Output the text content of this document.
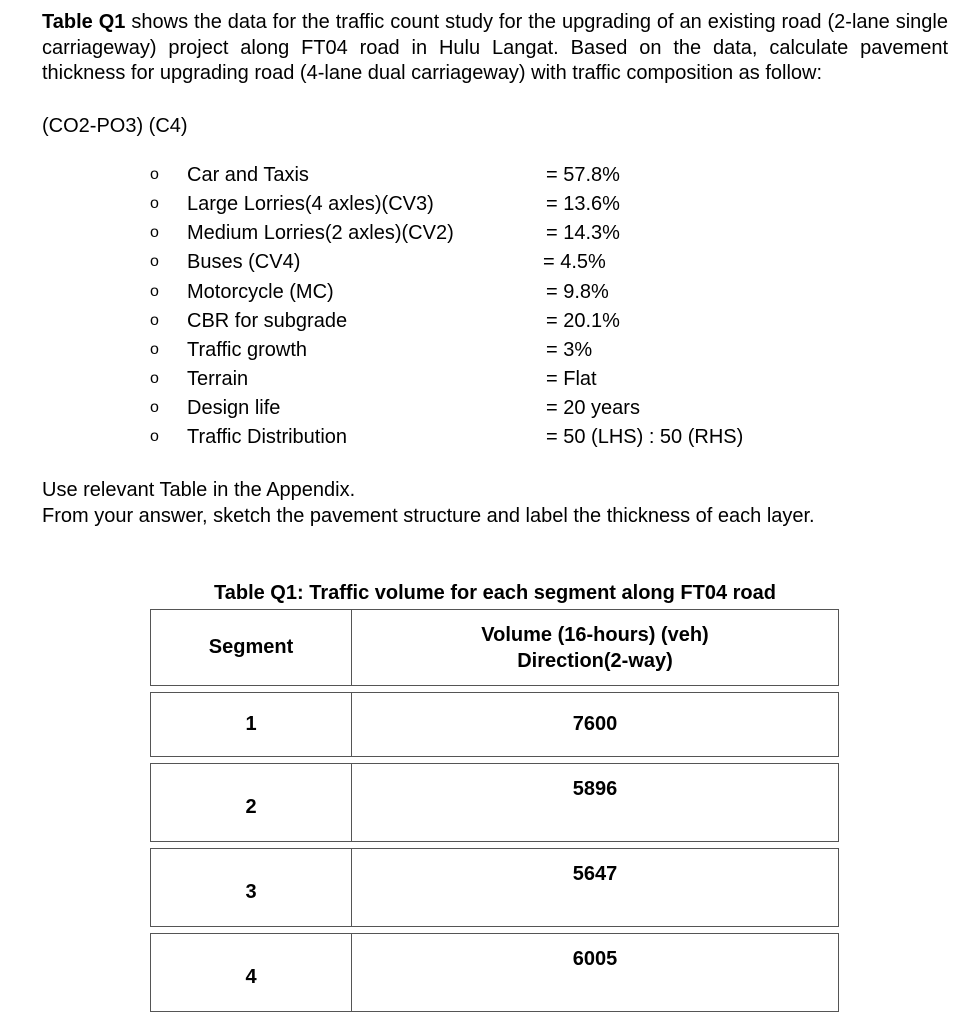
Table Q1 shows the data for the traffic count study for the upgrading of an existing road (2-lane single carriageway) project along FT04 road in Hulu Langat. Based on the data, calculate pavement thickness for upgrading road (4-lane dual carriageway) with traffic composition as follow:
(CO2-PO3) (C4)
o Car and Taxis	= 57.8%
o Large Lorries(4 axles)(CV3)	= 13.6%
o Medium Lorries(2 axles)(CV2)	= 14.3%
o Buses (CV4)	= 4.5%
o Motorcycle (MC)	= 9.8%
o CBR for subgrade	= 20.1%
o Traffic growth	= 3%
o Terrain	= Flat
o Design life	= 20 years
o Traffic Distribution	= 50 (LHS) : 50 (RHS)
Use relevant Table in the Appendix.
From your answer, sketch the pavement structure and label the thickness of each layer.
Table Q1: Traffic volume for each segment along FT04 road
Segment	Volume (16-hours) (veh)
Direction(2-way)

1	7600

2	5896

3	5647

4	6005
